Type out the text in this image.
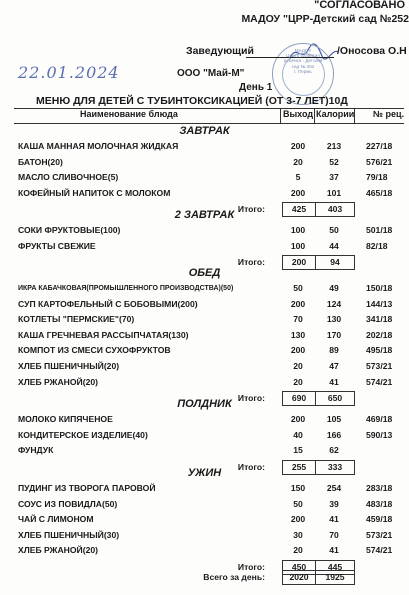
"СОГЛАСОВАНО
МАДОУ "ЦРР-Детский сад №252
МАДОУ
Центр развития
ребёнка - Детский
сад № 252
г. Пермь
Заведующий	/Оносова О.Н
22.01.2024	ООО "Май-М"
День 1
МЕНЮ ДЛЯ ДЕТЕЙ С ТУБИНТОКСИКАЦИЕЙ (ОТ 3-7 ЛЕТ)10Д
Наименование блюда	Выход Калории № рец.
ЗАВТРАК
КАША МАННАЯ МОЛОЧНАЯ ЖИДКАЯ	200	213	227/18
БАТОН(20)	20	52	576/21
МАСЛО СЛИВОЧНОЕ(5)	5	37	79/18
КОФЕЙНЫЙ НАПИТОК С МОЛОКОМ	200	101	465/18
Итого:	425	403
2 ЗАВТРАК
СОКИ ФРУКТОВЫЕ(100)	100	50	501/18
ФРУКТЫ СВЕЖИЕ	100	44	82/18
Итого:	200	94
ОБЕД
ИКРА КАБАЧКОВАЯ(ПРОМЫШЛЕННОГО ПРОИЗВОДСТВА)(50)	50	49	150/18
СУП КАРТОФЕЛЬНЫЙ С БОБОВЫМИ(200)	200	124	144/13
КОТЛЕТЫ "ПЕРМСКИЕ"(70)	70	130	341/18
КАША ГРЕЧНЕВАЯ РАССЫПЧАТАЯ(130)	130	170	202/18
КОМПОТ ИЗ СМЕСИ СУХОФРУКТОВ	200	89	495/18
ХЛЕБ ПШЕНИЧНЫЙ(20)	20	47	573/21
ХЛЕБ РЖАНОЙ(20)	20	41	574/21
Итого:	690	650
ПОЛДНИК
МОЛОКО КИПЯЧЕНОЕ	200	105	469/18
КОНДИТЕРСКОЕ ИЗДЕЛИЕ(40)	40	166	590/13
ФУНДУК	15	62
Итого:	255	333
УЖИН
ПУДИНГ ИЗ ТВОРОГА ПАРОВОЙ	150	254	283/18
СОУС ИЗ ПОВИДЛА(50)	50	39	483/18
ЧАЙ С ЛИМОНОМ	200	41	459/18
ХЛЕБ ПШЕНИЧНЫЙ(30)	30	70	573/21
ХЛЕБ РЖАНОЙ(20)	20	41	574/21
Итого:	450	445
Всего за день:	2020	1925
